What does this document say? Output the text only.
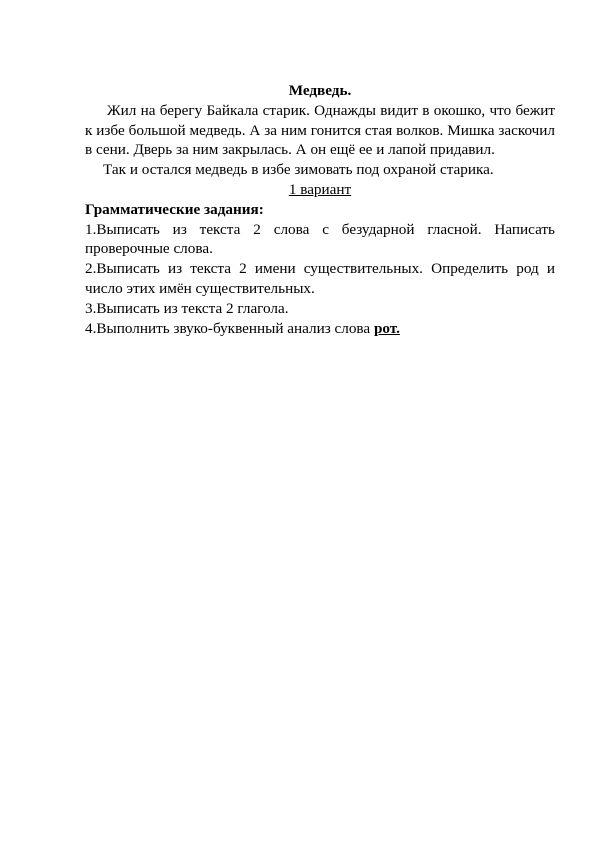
Медведь.

Жил на берегу Байкала старик. Однажды видит в окошко, что бежит к избе большой медведь. А за ним гонится стая волков. Мишка заскочил в сени. Дверь за ним закрылась. А он ещё ее и лапой придавил.

Так и остался медведь в избе зимовать под охраной старика.

1 вариант

Грамматические задания:

1.Выписать из текста 2 слова с безударной гласной. Написать проверочные слова.

2.Выписать из текста 2 имени существительных. Определить род и число этих имён существительных.

3.Выписать из текста 2 глагола.

4.Выполнить звуко-буквенный анализ слова рот.
